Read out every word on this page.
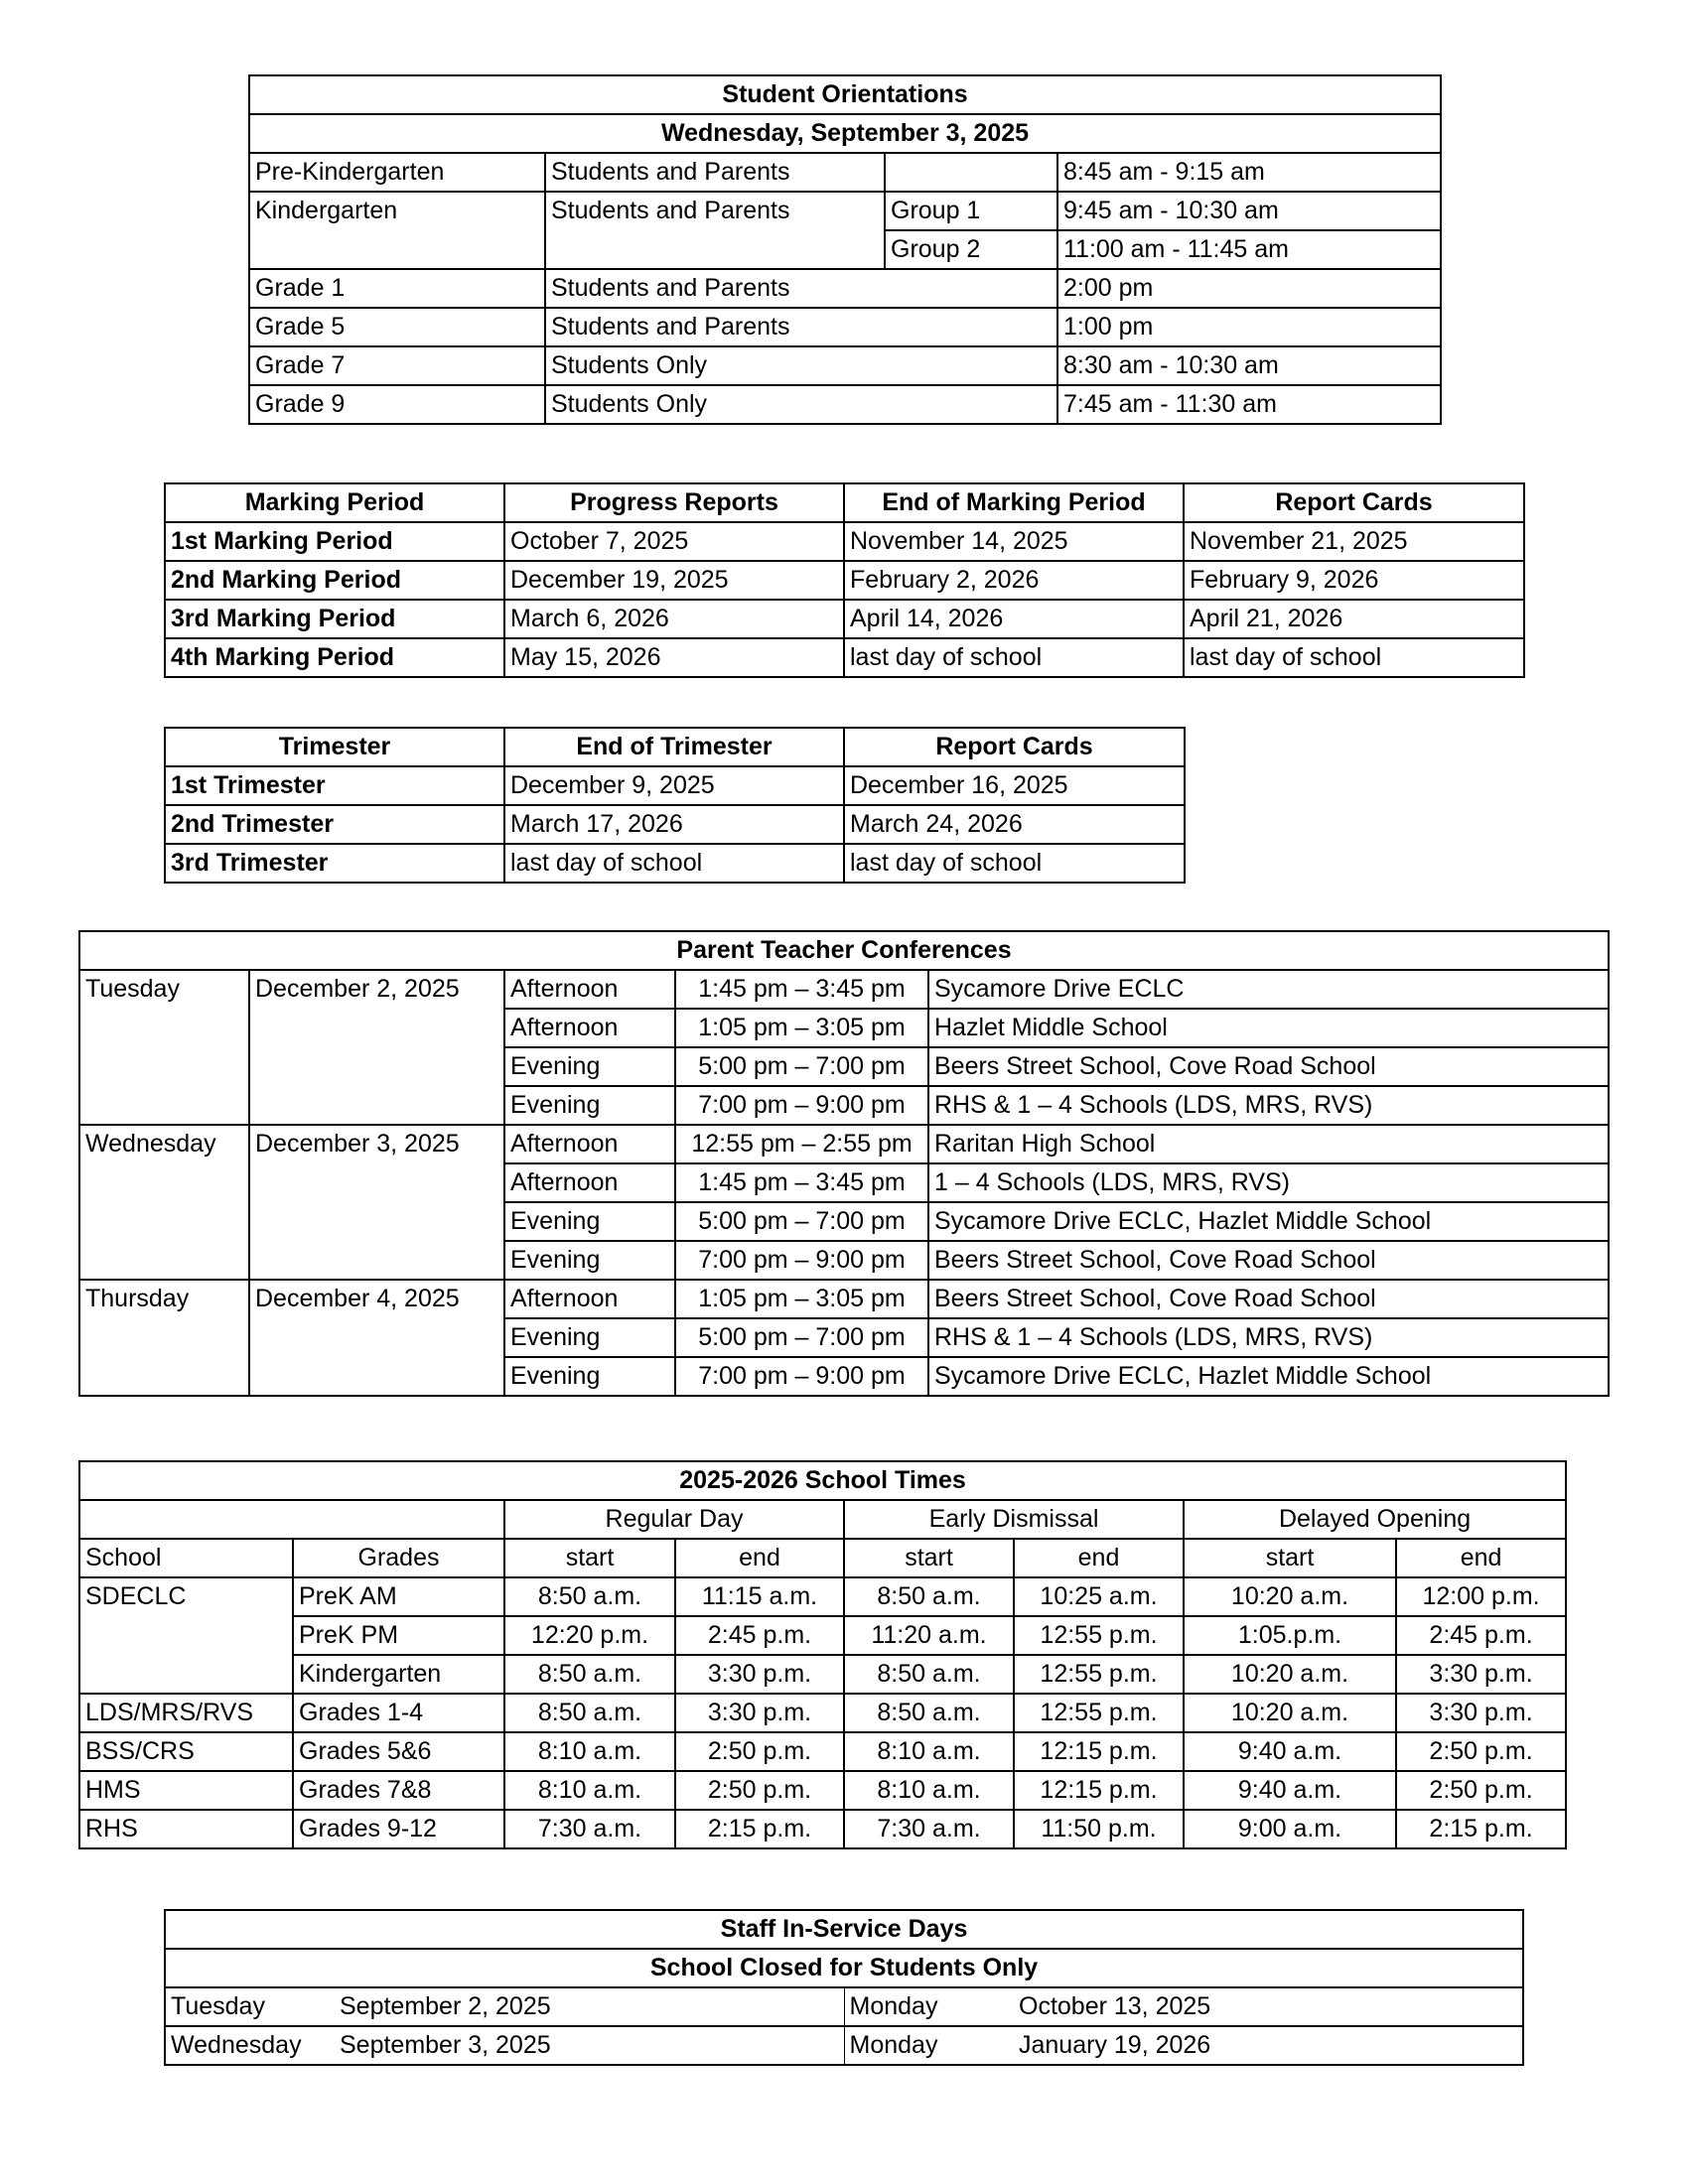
Student Orientations			
Wednesday, September 3, 2025			
Pre-Kindergarten	Students and Parents		8:45 am - 9:15 am
Kindergarten	Students and Parents	Group 1	9:45 am - 10:30 am
		Group 2	11:00 am - 11:45 am
Grade 1	Students and Parents		2:00 pm
Grade 5	Students and Parents		1:00 pm
Grade 7	Students Only		8:30 am - 10:30 am
Grade 9	Students Only		7:45 am - 11:30 am
Marking Period	Progress Reports	End of Marking Period	Report Cards
1st Marking Period	October 7, 2025	November 14, 2025	November 21, 2025
2nd Marking Period	December 19, 2025	February 2, 2026	February 9, 2026
3rd Marking Period	March 6, 2026	April 14, 2026	April 21, 2026
4th Marking Period	May 15, 2026	last day of school	last day of school
Trimester	End of Trimester	Report Cards
1st Trimester	December 9, 2025	December 16, 2025
2nd Trimester	March 17, 2026	March 24, 2026
3rd Trimester	last day of school	last day of school
Parent Teacher Conferences				
Tuesday	December 2, 2025	Afternoon	1:45 pm – 3:45 pm	Sycamore Drive ECLC
		Afternoon	1:05 pm – 3:05 pm	Hazlet Middle School
		Evening	5:00 pm – 7:00 pm	Beers Street School, Cove Road School
		Evening	7:00 pm – 9:00 pm	RHS & 1 – 4 Schools (LDS, MRS, RVS)
Wednesday	December 3, 2025	Afternoon	12:55 pm – 2:55 pm	Raritan High School
		Afternoon	1:45 pm – 3:45 pm	1 – 4 Schools (LDS, MRS, RVS)
		Evening	5:00 pm – 7:00 pm	Sycamore Drive ECLC, Hazlet Middle School
		Evening	7:00 pm – 9:00 pm	Beers Street School, Cove Road School
Thursday	December 4, 2025	Afternoon	1:05 pm – 3:05 pm	Beers Street School, Cove Road School
		Evening	5:00 pm – 7:00 pm	RHS & 1 – 4 Schools (LDS, MRS, RVS)
		Evening	7:00 pm – 9:00 pm	Sycamore Drive ECLC, Hazlet Middle School
2025-2026 School Times							
		Regular Day		Early Dismissal		Delayed Opening	
School	Grades	start	end	start	end	start	end
SDECLC	PreK AM	8:50 a.m.	11:15 a.m.	8:50 a.m.	10:25 a.m.	10:20 a.m.	12:00 p.m.
	PreK PM	12:20 p.m.	2:45 p.m.	11:20 a.m.	12:55 p.m.	1:05.p.m.	2:45 p.m.
	Kindergarten	8:50 a.m.	3:30 p.m.	8:50 a.m.	12:55 p.m.	10:20 a.m.	3:30 p.m.
LDS/MRS/RVS	Grades 1-4	8:50 a.m.	3:30 p.m.	8:50 a.m.	12:55 p.m.	10:20 a.m.	3:30 p.m.
BSS/CRS	Grades 5&6	8:10 a.m.	2:50 p.m.	8:10 a.m.	12:15 p.m.	9:40 a.m.	2:50 p.m.
HMS	Grades 7&8	8:10 a.m.	2:50 p.m.	8:10 a.m.	12:15 p.m.	9:40 a.m.	2:50 p.m.
RHS	Grades 9-12	7:30 a.m.	2:15 p.m.	7:30 a.m.	11:50 p.m.	9:00 a.m.	2:15 p.m.
Staff In-Service Days			
School Closed for Students Only			
Tuesday	September 2, 2025	Monday	October 13, 2025
Wednesday	September 3, 2025	Monday	January 19, 2026
